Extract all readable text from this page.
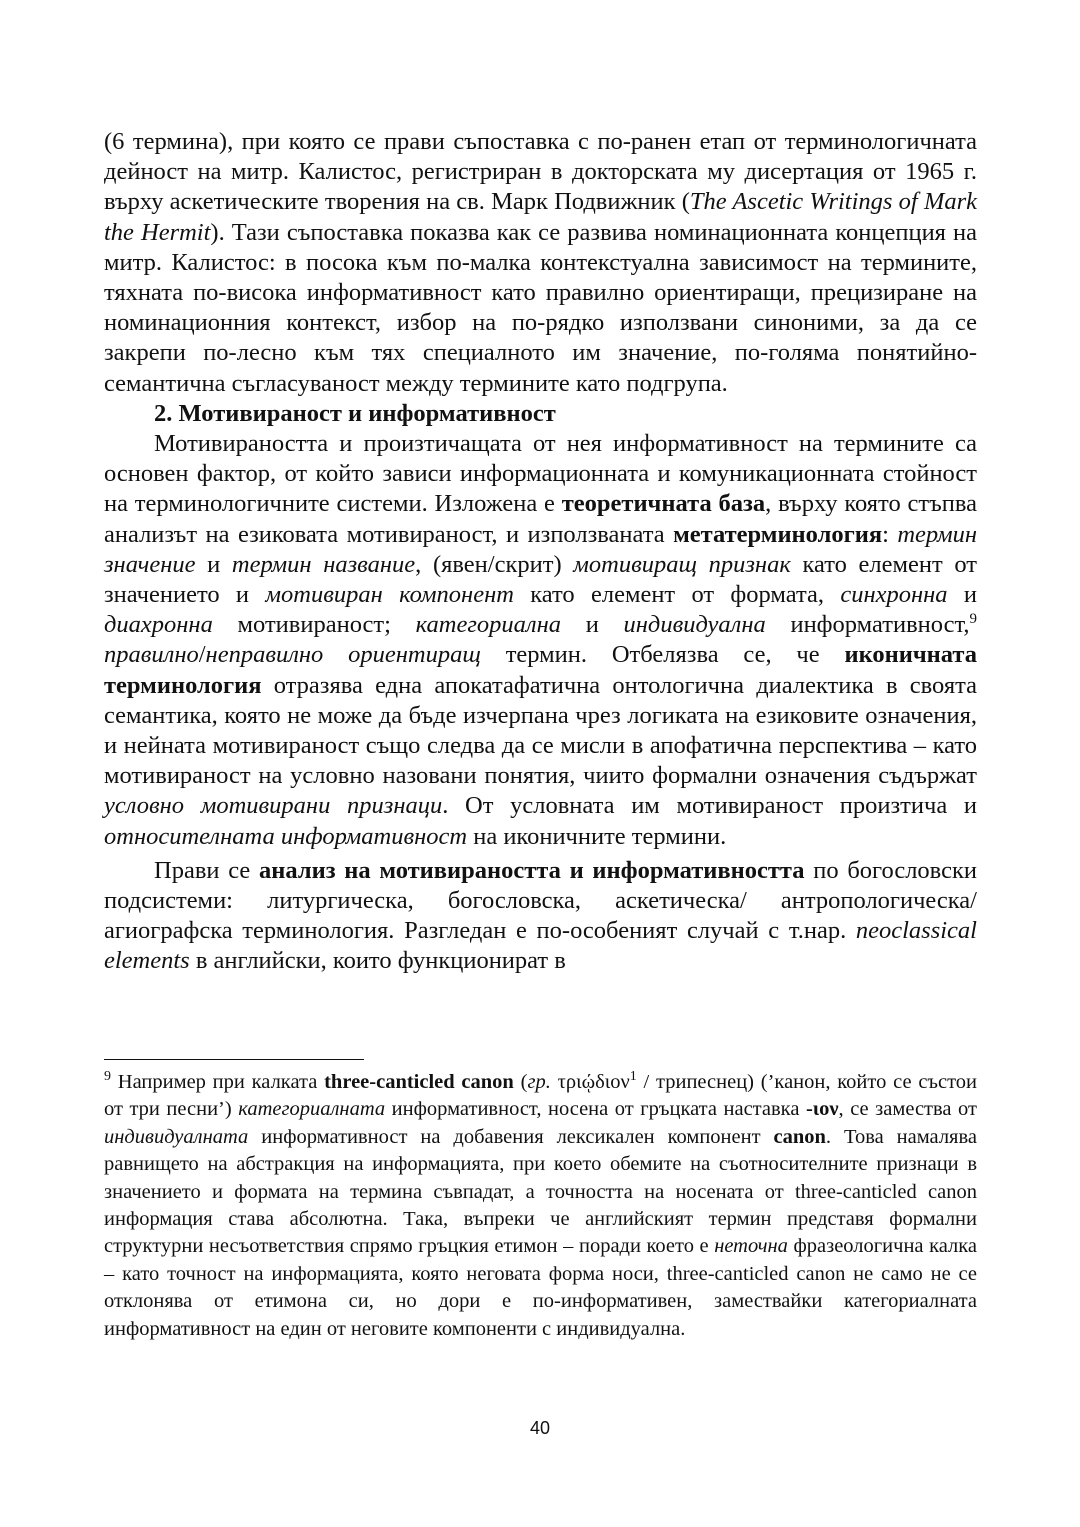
(6 термина), при която се прави съпоставка с по-ранен етап от терминологичната дейност на митр. Калистос, регистриран в докторската му дисертация от 1965 г. върху аскетическите творения на св. Марк Подвижник (The Ascetic Writings of Mark the Hermit). Тази съпоставка показва как се развива номинационната концепция на митр. Калистос: в посока към по-малка контекстуална зависимост на термините, тяхната по-висока информативност като правилно ориентиращи, прецизиране на номинационния контекст, избор на по-рядко използвани синоними, за да се закрепи по-лесно към тях специалното им значение, по-голяма понятийно-семантична съгласуваност между термините като подгрупа.

2. Мотивираност и информативност

Мотивираността и произтичащата от нея информативност на термините са основен фактор, от който зависи информационната и комуникационната стойност на терминологичните системи. Изложена е теоретичната база, върху която стъпва анализът на езиковата мотивираност, и използваната метатерминология: термин значение и термин название, (явен/скрит) мотивиращ признак като елемент от значението и мотивиран компонент като елемент от формата, синхронна и диахронна мотивираност; категориална и индивидуална информативност,$^9$ правилно/неправилно ориентиращ термин. Отбелязва се, че иконичната терминология отразява една апокатафатична онтологична диалектика в своята семантика, която не може да бъде изчерпана чрез логиката на езиковите означения, и нейната мотивираност също следва да се мисли в апофатична перспектива – като мотивираност на условно назовани понятия, чиито формални означения съдържат условно мотивирани признаци. От условната им мотивираност произтича и относителната информативност на иконичните термини.

Прави се анализ на мотивираността и информативността по богословски подсистеми: литургическа, богословска, аскетическа/ антропологическа/агиографска терминология. Разгледан е по-особеният случай с т.нар. neoclassical elements в английски, които функционират в

$^9$ Например при калката three-canticled canon (гр. τριῴδιον$^1$ / трипеснец) (’канон, който се състои от три песни’) категориалната информативност, носена от гръцката наставка -ιον, се замества от индивидуалната информативност на добавения лексикален компонент canon. Това намалява равнището на абстракция на информацията, при което обемите на съотносителните признаци в значението и формата на термина съвпадат, а точността на носената от three-canticled canon информация става абсолютна. Така, въпреки че английският термин представя формални структурни несъответствия спрямо гръцкия етимон – поради което е неточна фразеологична калка – като точност на информацията, която неговата форма носи, three-canticled canon не само не се отклонява от етимона си, но дори е по-информативен, замествайки категориалната информативност на един от неговите компоненти с индивидуална.

40
